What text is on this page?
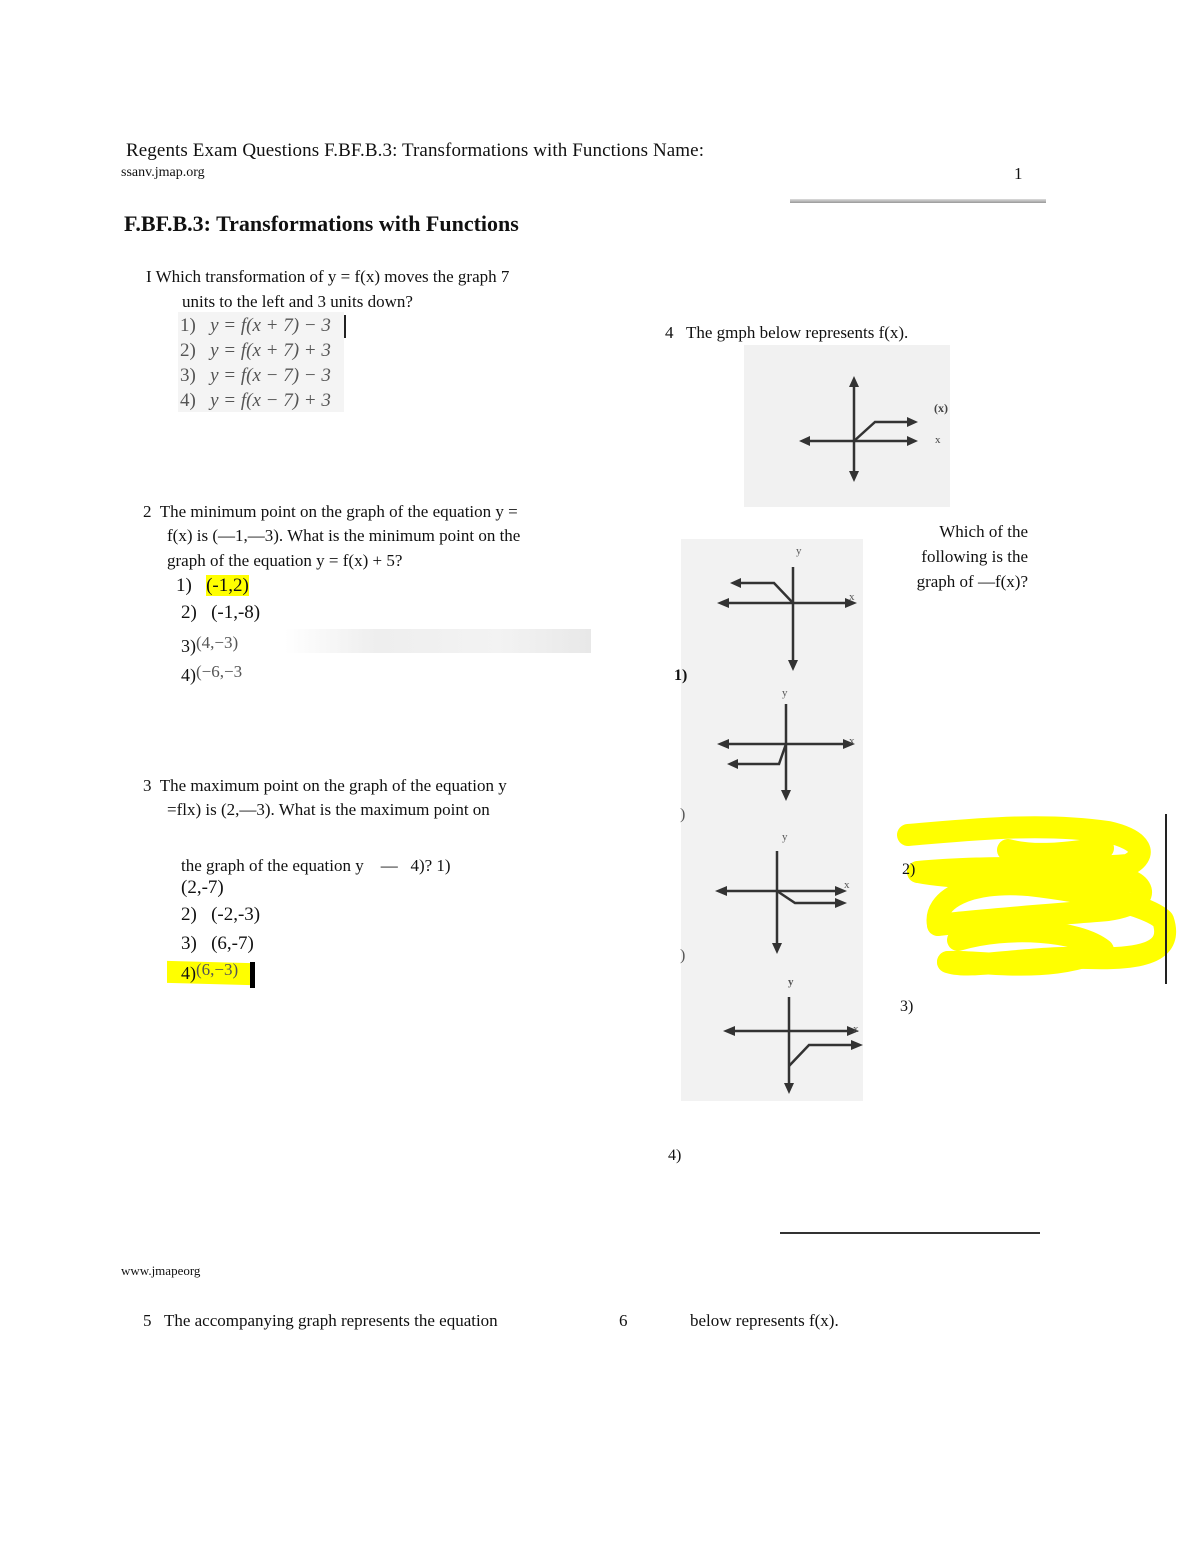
Regents Exam Questions F.BF.B.3: Transformations with Functions Name:
ssanv.jmap.org	1
F.BF.B.3: Transformations with Functions
I Which transformation of y = f(x) moves the graph 7
units to the left and 3 units down?
1) y = f(x + 7) − 3
2) y = f(x + 7) + 3
3) y = f(x − 7) − 3
4) y = f(x − 7) + 3
2 The minimum point on the graph of the equation y =
f(x) is (—1,—3). What is the minimum point on the
graph of the equation y = f(x) + 5?
1) (-1,2)
2) (-1,-8)
3)(4,−3)
4)(−6,−3
3 The maximum point on the graph of the equation y
=flx) is (2,—3). What is the maximum point on
the graph of the equation y — 4)? 1)
(2,-7)
2) (-2,-3)
3) (6,-7)
4)(6,−3)
4 The gmph below represents f(x).
(x)
x
Which of the
following is the
graph of —f(x)?
y
x
y
x
y
x
y
x
1)
)
)
4)
3)
2)
www.jmapeorg
5 The accompanying graph represents the equation	6	below represents f(x).
